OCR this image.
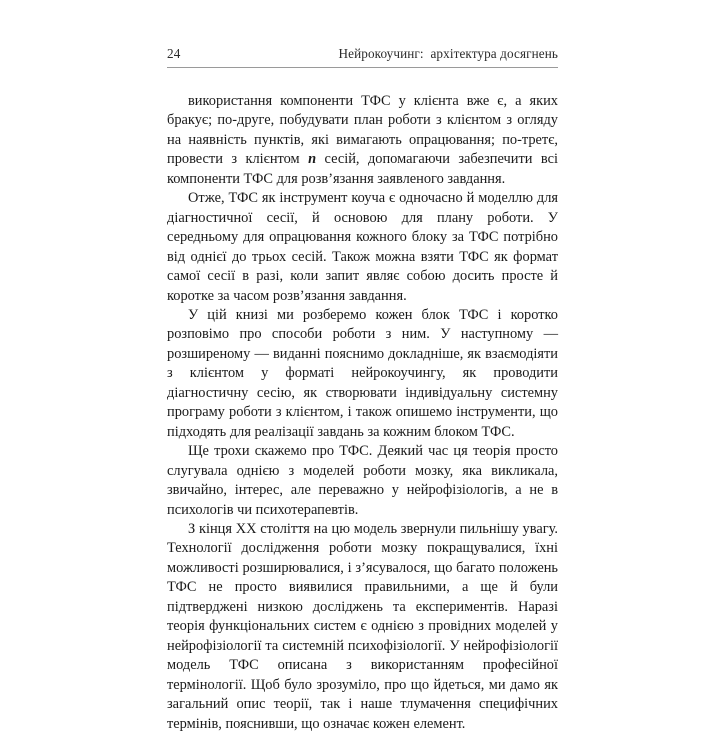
24	Нейрокоучинг:  архітектура досягнень

використання компоненти ТФС у клієнта вже є, а яких бракує; по-друге, побудувати план роботи з клієнтом з огляду на наявність пунктів, які вимагають опрацювання; по-третє, провести з клієнтом n сесій, допомагаючи забезпечити всі компоненти ТФС для розв’язання заявленого завдання.

Отже, ТФС як інструмент коуча є одночасно й моделлю для діагностичної сесії, й основою для плану роботи. У середньому для опрацювання кожного блоку за ТФС потрібно від однієї до трьох сесій. Також можна взяти ТФС як формат самої сесії в разі, коли запит являє собою досить просте й коротке за часом розв’язання завдання.

У цій книзі ми розберемо кожен блок ТФС і коротко розповімо про способи роботи з ним. У наступному — розширеному — виданні пояснимо докладніше, як взаємодіяти з клієнтом у форматі нейрокоучингу, як проводити діагностичну сесію, як створювати індивідуальну системну програму роботи з клієнтом, і також опишемо інструменти, що підходять для реалізації завдань за кожним блоком ТФС.

Ще трохи скажемо про ТФС. Деякий час ця теорія просто слугувала однією з моделей роботи мозку, яка викликала, звичайно, інтерес, але переважно у нейрофізіологів, а не в психологів чи психотерапевтів.

З кінця XX століття на цю модель звернули пильнішу увагу. Технології дослідження роботи мозку покращувалися, їхні можливості розширювалися, і з’ясувалося, що багато положень ТФС не просто виявилися правильними, а ще й були підтверджені низкою досліджень та експериментів. Наразі теорія функціональних систем є однією з провідних моделей у нейрофізіології та системній психофізіології. У нейрофізіології модель ТФС описана з використанням професійної термінології. Щоб було зрозуміло, про що йдеться, ми дамо як загальний опис теорії, так і наше тлумачення специфічних термінів, пояснивши, що означає кожен елемент.
